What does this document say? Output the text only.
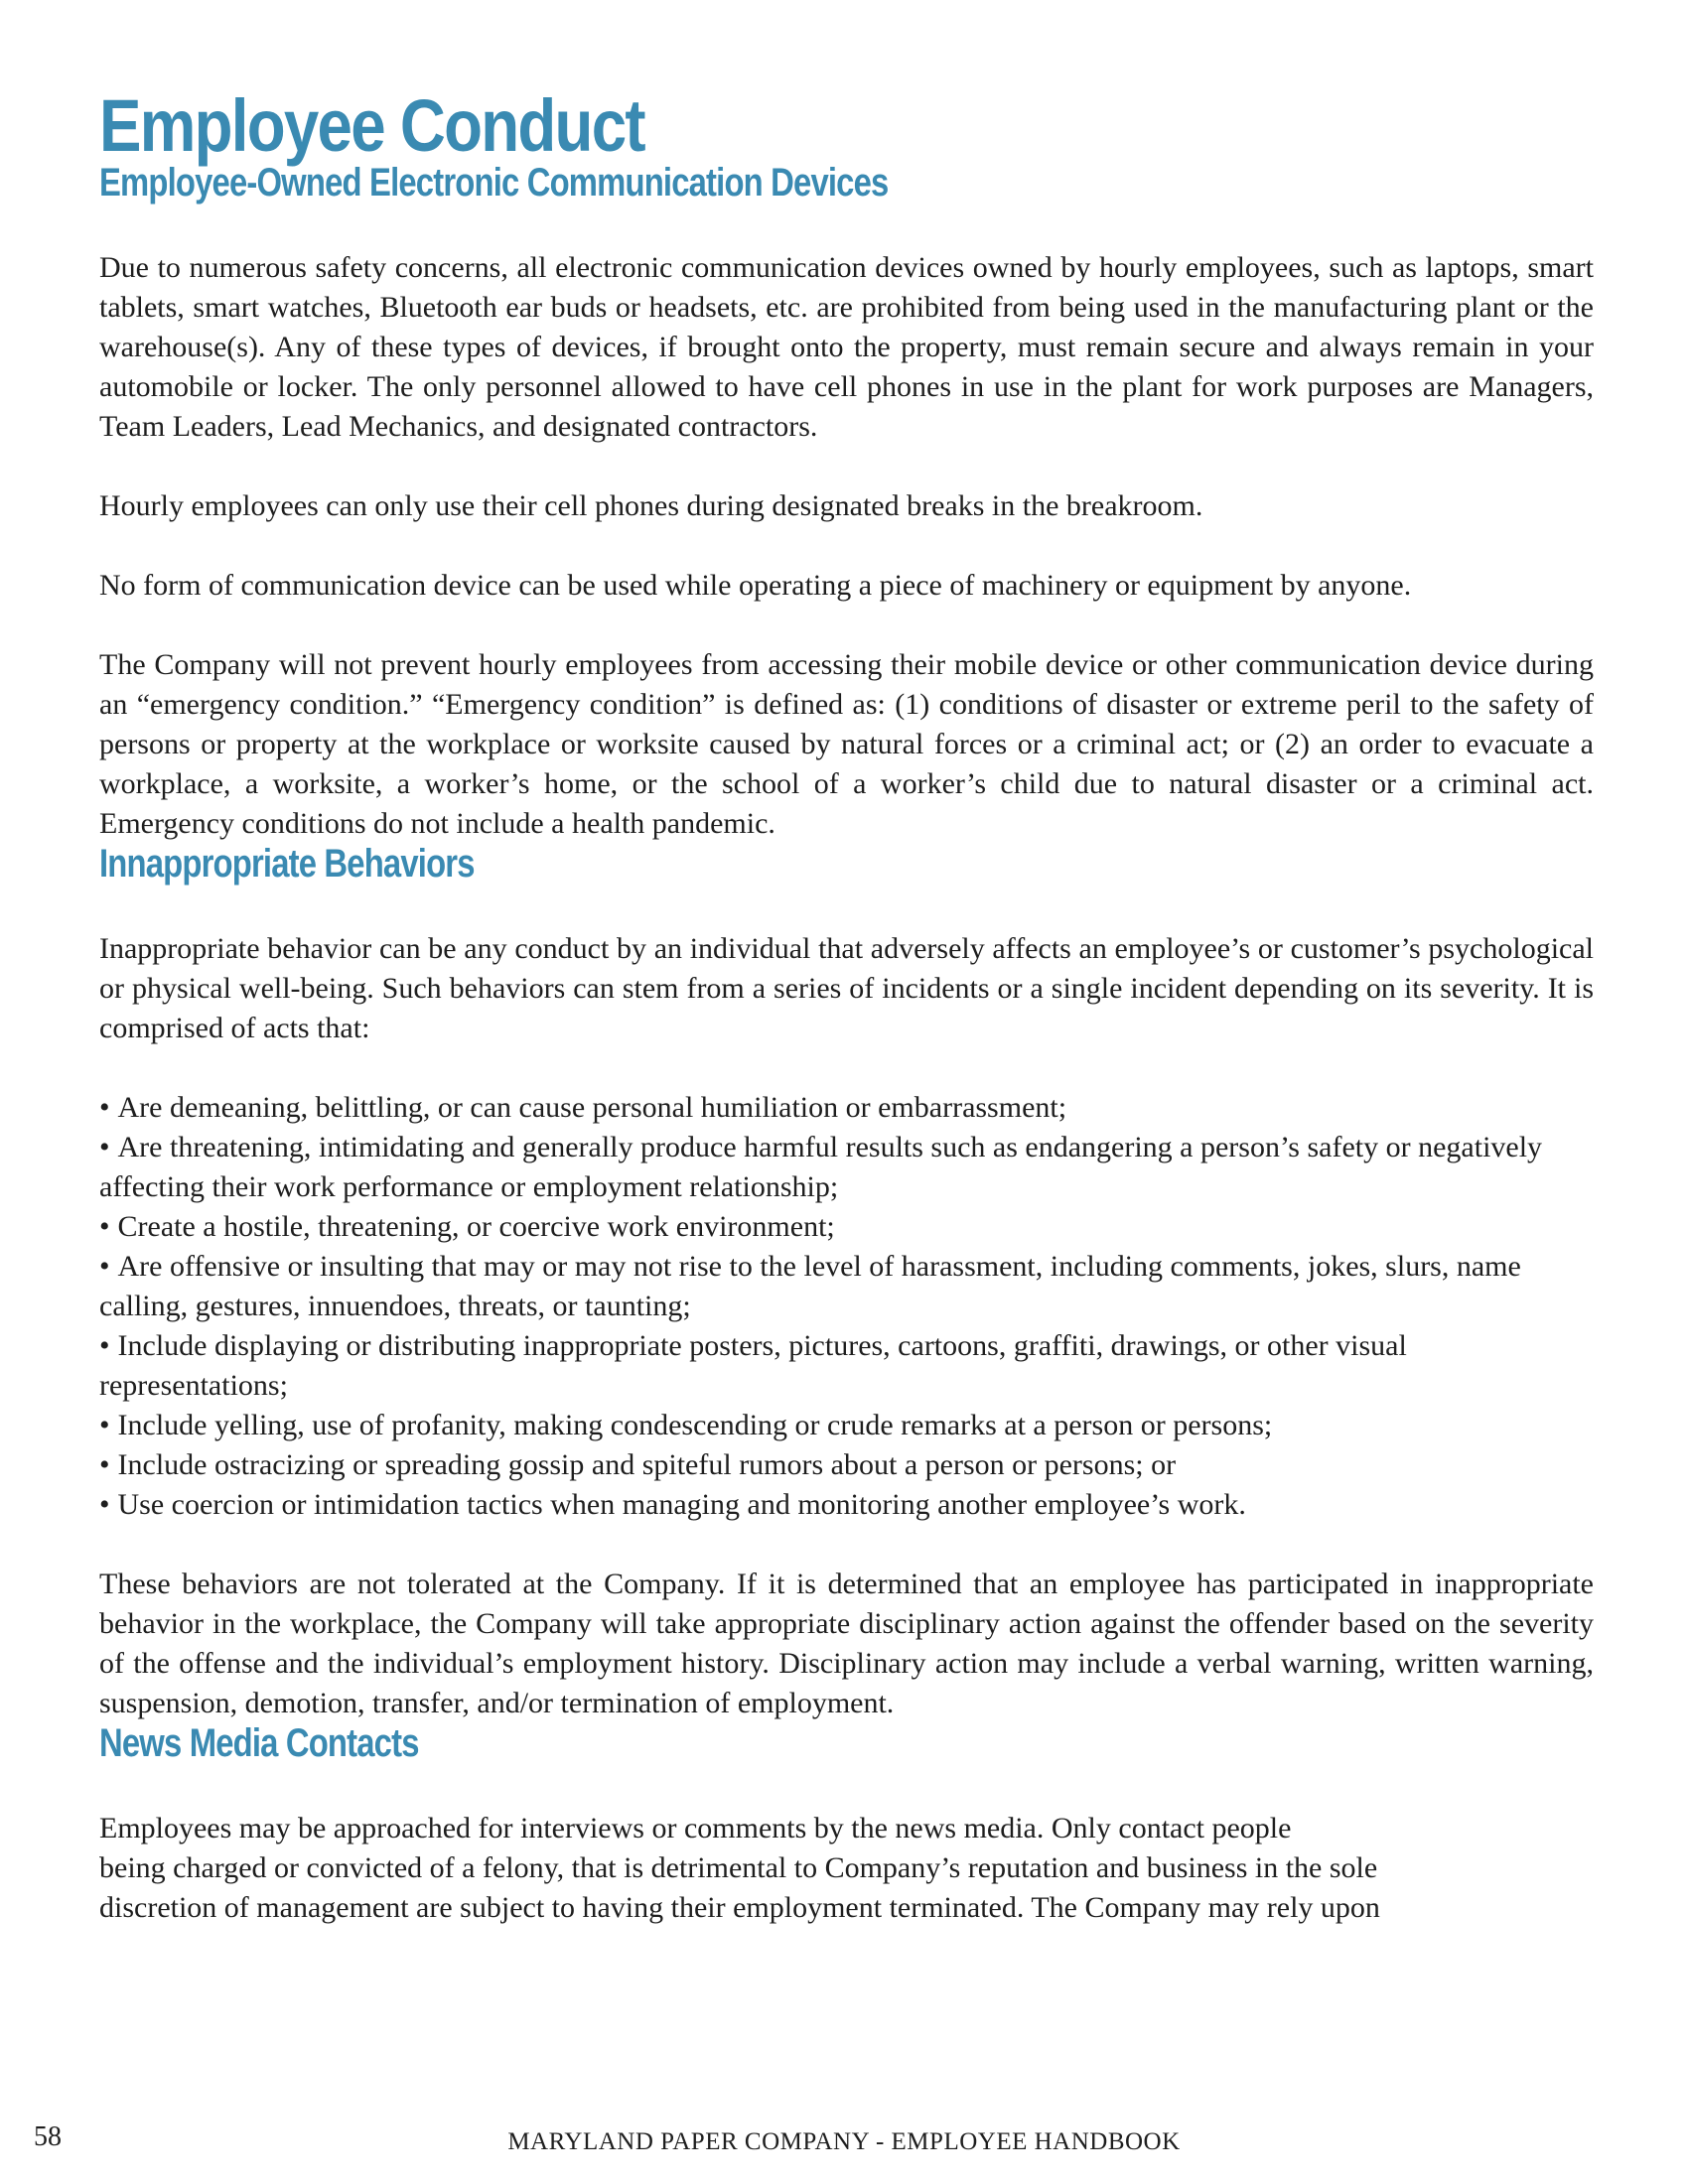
Employee Conduct
Employee-Owned Electronic Communication Devices

Due to numerous safety concerns, all electronic communication devices owned by hourly employees, such as laptops, smart tablets, smart watches, Bluetooth ear buds or headsets, etc. are prohibited from being used in the manufacturing plant or the warehouse(s). Any of these types of devices, if brought onto the property, must remain secure and always remain in your automobile or locker. The only personnel allowed to have cell phones in use in the plant for work purposes are Managers, Team Leaders, Lead Mechanics, and designated contractors.

Hourly employees can only use their cell phones during designated breaks in the breakroom.

No form of communication device can be used while operating a piece of machinery or equipment by anyone.

The Company will not prevent hourly employees from accessing their mobile device or other communication device during an “emergency condition.” “Emergency condition” is defined as: (1) conditions of disaster or extreme peril to the safety of persons or property at the workplace or worksite caused by natural forces or a criminal act; or (2) an order to evacuate a workplace, a worksite, a worker’s home, or the school of a worker’s child due to natural disaster or a criminal act. Emergency conditions do not include a health pandemic.

Innappropriate Behaviors

Inappropriate behavior can be any conduct by an individual that adversely affects an employee’s or customer’s psychological or physical well-being. Such behaviors can stem from a series of incidents or a single incident depending on its severity. It is comprised of acts that:

• Are demeaning, belittling, or can cause personal humiliation or embarrassment;
• Are threatening, intimidating and generally produce harmful results such as endangering a person’s safety or negatively affecting their work performance or employment relationship;
• Create a hostile, threatening, or coercive work environment;
• Are offensive or insulting that may or may not rise to the level of harassment, including comments, jokes, slurs, name calling, gestures, innuendoes, threats, or taunting;
• Include displaying or distributing inappropriate posters, pictures, cartoons, graffiti, drawings, or other visual representations;
• Include yelling, use of profanity, making condescending or crude remarks at a person or persons;
• Include ostracizing or spreading gossip and spiteful rumors about a person or persons; or
• Use coercion or intimidation tactics when managing and monitoring another employee’s work.

These behaviors are not tolerated at the Company. If it is determined that an employee has participated in inappropriate behavior in the workplace, the Company will take appropriate disciplinary action against the offender based on the severity of the offense and the individual’s employment history. Disciplinary action may include a verbal warning, written warning, suspension, demotion, transfer, and/or termination of employment.

News Media Contacts

Employees may be approached for interviews or comments by the news media. Only contact people
being charged or convicted of a felony, that is detrimental to Company’s reputation and business in the sole
discretion of management are subject to having their employment terminated. The Company may rely upon

58	MARYLAND PAPER COMPANY - EMPLOYEE HANDBOOK
